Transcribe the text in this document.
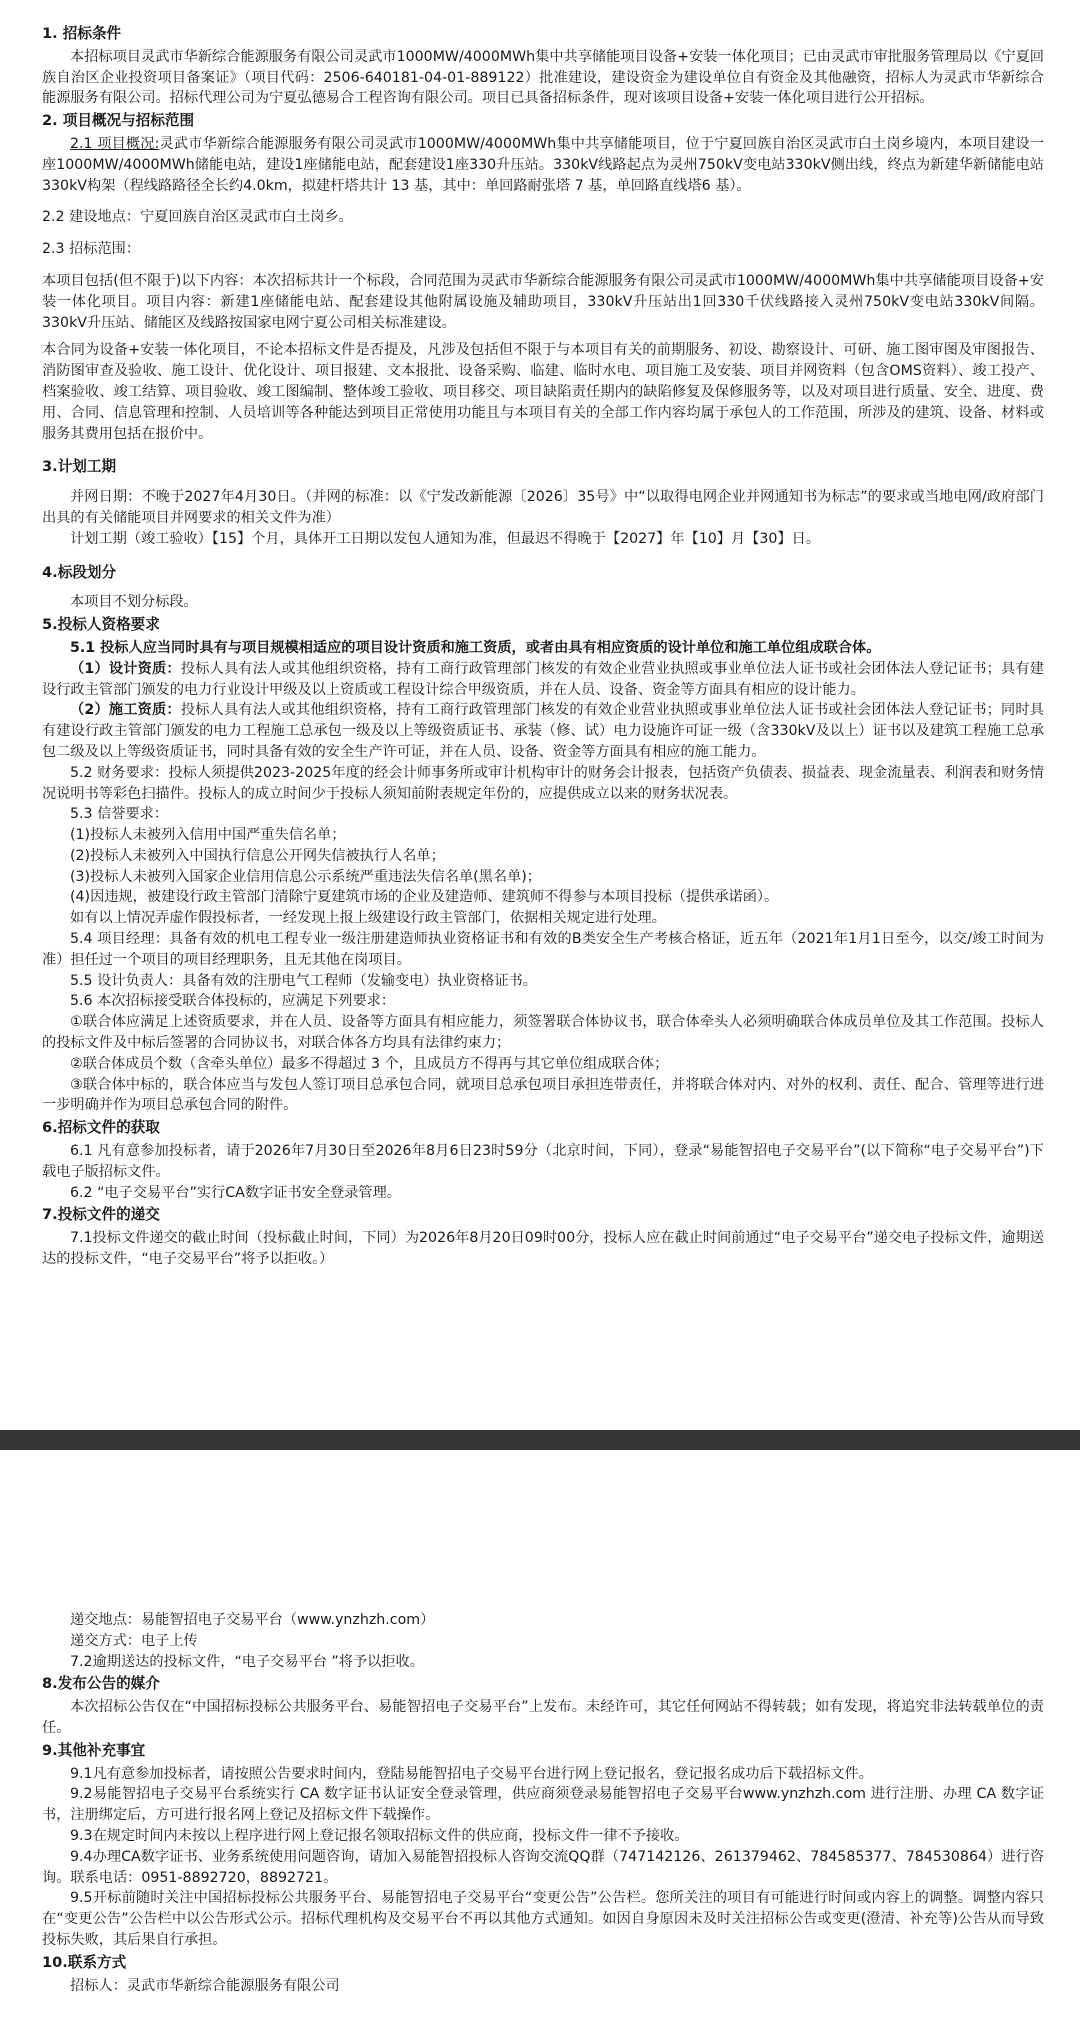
1. 招标条件

本招标项目灵武市华新综合能源服务有限公司灵武市1000MW/4000MWh集中共享储能项目设备+安装一体化项目；已由灵武市审批服务管理局以《宁夏回族自治区企业投资项目备案证》（项目代码：2506-640181-04-01-889122）批准建设，建设资金为建设单位自有资金及其他融资，招标人为灵武市华新综合能源服务有限公司。招标代理公司为宁夏弘德易合工程咨询有限公司。项目已具备招标条件，现对该项目设备+安装一体化项目进行公开招标。

2. 项目概况与招标范围

2.1 项目概况:灵武市华新综合能源服务有限公司灵武市1000MW/4000MWh集中共享储能项目，位于宁夏回族自治区灵武市白土岗乡境内，本项目建设一座1000MW/4000MWh储能电站，建设1座储能电站，配套建设1座330升压站。330kV线路起点为灵州750kV变电站330kV侧出线，终点为新建华新储能电站330kV构架（程线路路径全长约4.0km，拟建杆塔共计 13 基，其中：单回路耐张塔 7 基，单回路直线塔6 基）。

2.2 建设地点：宁夏回族自治区灵武市白土岗乡。

2.3 招标范围：

本项目包括(但不限于)以下内容：本次招标共计一个标段，合同范围为灵武市华新综合能源服务有限公司灵武市1000MW/4000MWh集中共享储能项目设备+安装一体化项目。项目内容：新建1座储能电站、配套建设其他附属设施及辅助项目，330kV升压站出1回330千伏线路接入灵州750kV变电站330kV间隔。330kV升压站、储能区及线路按国家电网宁夏公司相关标准建设。

本合同为设备+安装一体化项目，不论本招标文件是否提及，凡涉及包括但不限于与本项目有关的前期服务、初设、勘察设计、可研、施工图审图及审图报告、消防图审查及验收、施工设计、优化设计、项目报建、文本报批、设备采购、临建、临时水电、项目施工及安装、项目并网资料（包含OMS资料）、竣工投产、档案验收、竣工结算、项目验收、竣工图编制、整体竣工验收、项目移交、项目缺陷责任期内的缺陷修复及保修服务等，以及对项目进行质量、安全、进度、费用、合同、信息管理和控制、人员培训等各种能达到项目正常使用功能且与本项目有关的全部工作内容均属于承包人的工作范围，所涉及的建筑、设备、材料或服务其费用包括在报价中。

3.计划工期

并网日期：不晚于2027年4月30日。（并网的标准：以《宁发改新能源〔2026〕35号》中“以取得电网企业并网通知书为标志”的要求或当地电网/政府部门出具的有关储能项目并网要求的相关文件为准）

计划工期（竣工验收）【15】个月，具体开工日期以发包人通知为准，但最迟不得晚于【2027】年【10】月【30】日。

4.标段划分

本项目不划分标段。

5.投标人资格要求

5.1 投标人应当同时具有与项目规模相适应的项目设计资质和施工资质，或者由具有相应资质的设计单位和施工单位组成联合体。

（1）设计资质：投标人具有法人或其他组织资格，持有工商行政管理部门核发的有效企业营业执照或事业单位法人证书或社会团体法人登记证书；具有建设行政主管部门颁发的电力行业设计甲级及以上资质或工程设计综合甲级资质，并在人员、设备、资金等方面具有相应的设计能力。

（2）施工资质：投标人具有法人或其他组织资格，持有工商行政管理部门核发的有效企业营业执照或事业单位法人证书或社会团体法人登记证书；同时具有建设行政主管部门颁发的电力工程施工总承包一级及以上等级资质证书、承装（修、试）电力设施许可证一级（含330kV及以上）证书以及建筑工程施工总承包二级及以上等级资质证书，同时具备有效的安全生产许可证，并在人员、设备、资金等方面具有相应的施工能力。

5.2 财务要求：投标人须提供2023-2025年度的经会计师事务所或审计机构审计的财务会计报表，包括资产负债表、损益表、现金流量表、利润表和财务情况说明书等彩色扫描件。投标人的成立时间少于投标人须知前附表规定年份的，应提供成立以来的财务状况表。

5.3 信誉要求：

(1)投标人未被列入信用中国严重失信名单；

(2)投标人未被列入中国执行信息公开网失信被执行人名单；

(3)投标人未被列入国家企业信用信息公示系统严重违法失信名单(黑名单)；

(4)因违规，被建设行政主管部门清除宁夏建筑市场的企业及建造师、建筑师不得参与本项目投标（提供承诺函）。

如有以上情况弄虚作假投标者，一经发现上报上级建设行政主管部门，依据相关规定进行处理。

5.4 项目经理：具备有效的机电工程专业一级注册建造师执业资格证书和有效的B类安全生产考核合格证，近五年（2021年1月1日至今，以交/竣工时间为准）担任过一个项目的项目经理职务，且无其他在岗项目。

5.5 设计负责人：具备有效的注册电气工程师（发输变电）执业资格证书。

5.6 本次招标接受联合体投标的，应满足下列要求：

①联合体应满足上述资质要求，并在人员、设备等方面具有相应能力，须签署联合体协议书，联合体牵头人必须明确联合体成员单位及其工作范围。投标人的投标文件及中标后签署的合同协议书，对联合体各方均具有法律约束力；

②联合体成员个数（含牵头单位）最多不得超过 3 个，且成员方不得再与其它单位组成联合体；

③联合体中标的，联合体应当与发包人签订项目总承包合同，就项目总承包项目承担连带责任，并将联合体对内、对外的权利、责任、配合、管理等进行进一步明确并作为项目总承包合同的附件。

6.招标文件的获取

6.1 凡有意参加投标者，请于2026年7月30日至2026年8月6日23时59分（北京时间，下同），登录“易能智招电子交易平台”(以下简称“电子交易平台”)下载电子版招标文件。

6.2 “电子交易平台”实行CA数字证书安全登录管理。

7.投标文件的递交

7.1投标文件递交的截止时间（投标截止时间，下同）为2026年8月20日09时00分，投标人应在截止时间前通过“电子交易平台”递交电子投标文件，逾期送达的投标文件，“电子交易平台”将予以拒收。）

递交地点：易能智招电子交易平台（www.ynzhzh.com）

递交方式：电子上传

7.2逾期送达的投标文件，“电子交易平台 ”将予以拒收。

8.发布公告的媒介

本次招标公告仅在“中国招标投标公共服务平台、易能智招电子交易平台”上发布。未经许可，其它任何网站不得转载；如有发现，将追究非法转载单位的责任。

9.其他补充事宜

9.1凡有意参加投标者，请按照公告要求时间内，登陆易能智招电子交易平台进行网上登记报名，登记报名成功后下载招标文件。

9.2易能智招电子交易平台系统实行 CA 数字证书认证安全登录管理，供应商须登录易能智招电子交易平台www.ynzhzh.com 进行注册、办理 CA 数字证书，注册绑定后，方可进行报名网上登记及招标文件下载操作。

9.3在规定时间内未按以上程序进行网上登记报名领取招标文件的供应商，投标文件一律不予接收。

9.4办理CA数字证书、业务系统使用问题咨询，请加入易能智招投标人咨询交流QQ群（747142126、261379462、784585377、784530864）进行咨询。联系电话：0951-8892720，8892721。

9.5开标前随时关注中国招标投标公共服务平台、易能智招电子交易平台“变更公告”公告栏。您所关注的项目有可能进行时间或内容上的调整。调整内容只在“变更公告”公告栏中以公告形式公示。招标代理机构及交易平台不再以其他方式通知。如因自身原因未及时关注招标公告或变更(澄清、补充等)公告从而导致投标失败，其后果自行承担。

10.联系方式

招标人：灵武市华新综合能源服务有限公司
